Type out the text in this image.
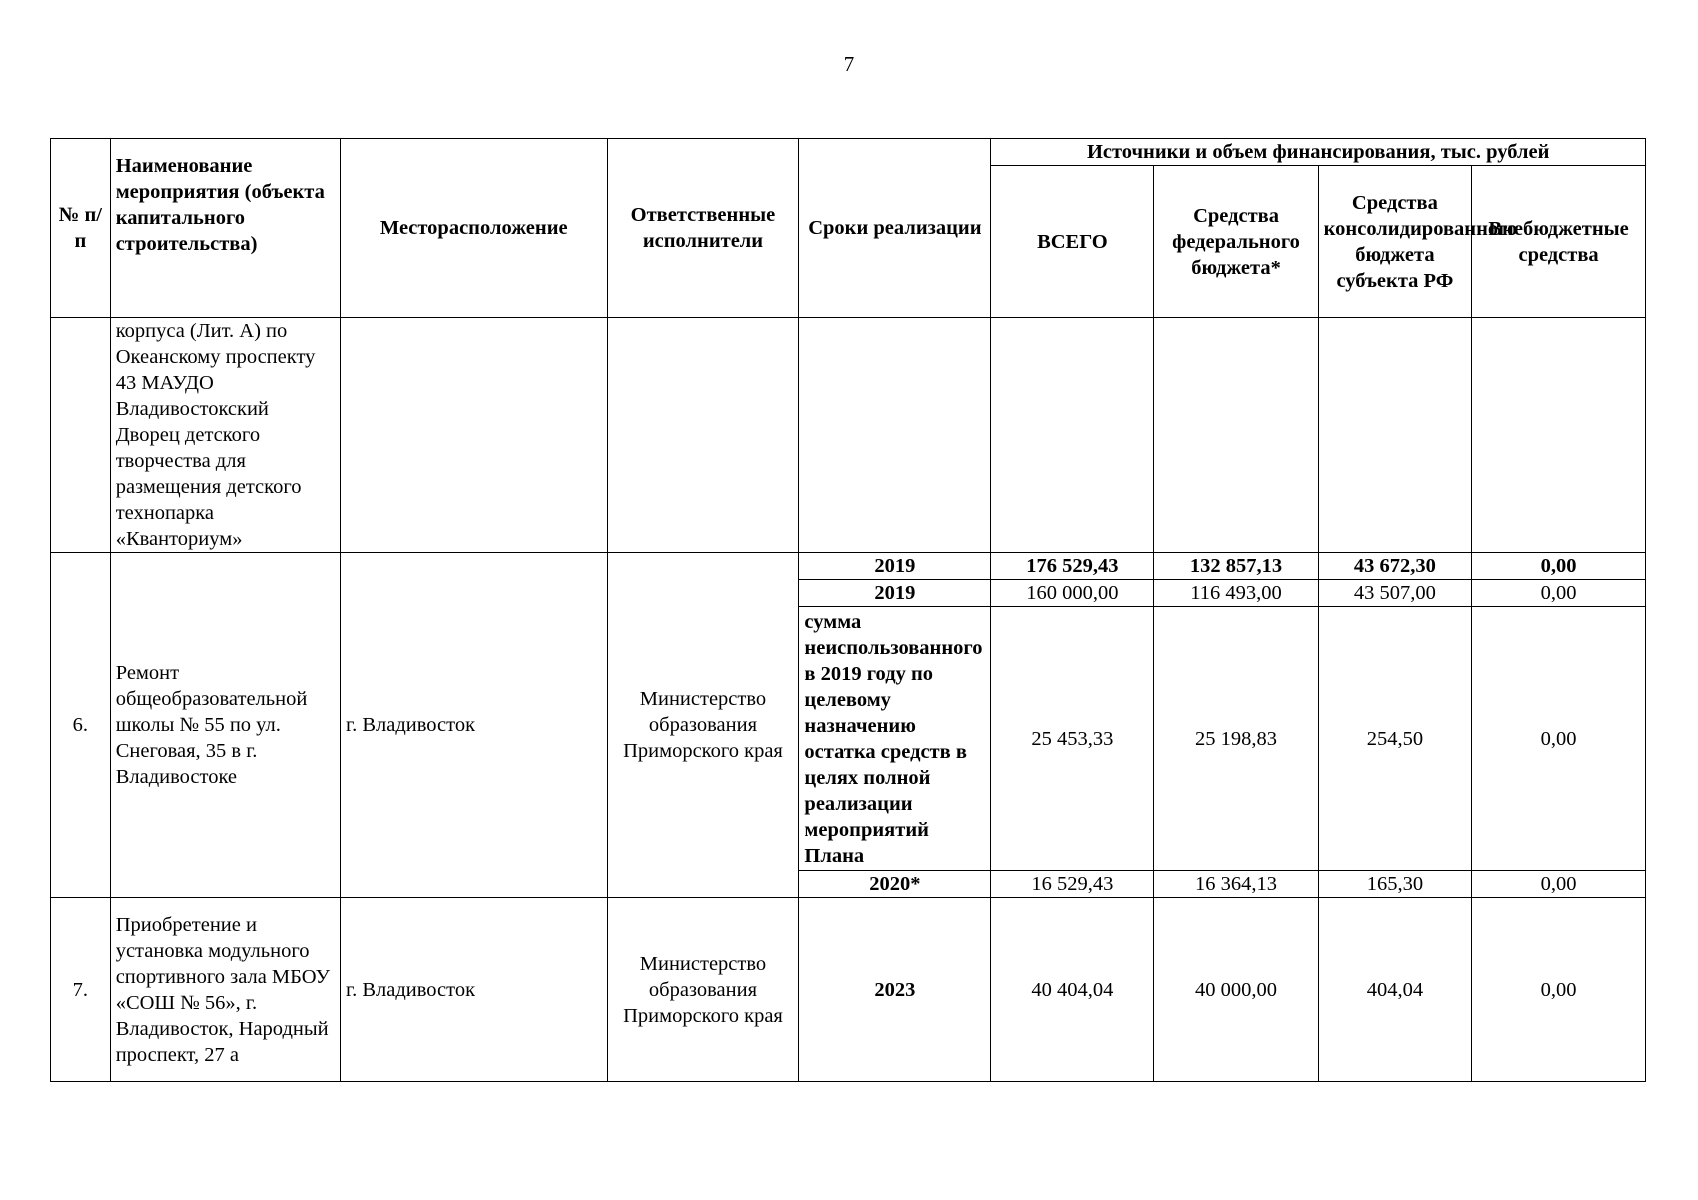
7
№ п/п	Наименование мероприятия (объекта капитального строительства)	Месторасположение	Ответственные исполнители	Сроки реализации	Источники и объем финансирования, тыс. рублей			
					ВСЕГО	Средства федерального бюджета*	Средства консолидированного бюджета субъекта РФ	Внебюджетные средства
	корпуса (Лит. А) по Океанскому проспекту 43 МАУДО Владивостокский Дворец детского творчества для размещения детского технопарка «Кванториум»							
6.	Ремонт общеобразовательной школы № 55 по ул. Снеговая, 35 в г. Владивостоке	г. Владивосток	Министерство образования Приморского края	2019	176 529,43	132 857,13	43 672,30	0,00
				2019	160 000,00	116 493,00	43 507,00	0,00
				сумма неиспользованного в 2019 году по целевому назначению остатка средств в целях полной реализации мероприятий Плана	25 453,33	25 198,83	254,50	0,00
				2020*	16 529,43	16 364,13	165,30	0,00
7.	Приобретение и установка модульного спортивного зала МБОУ «СОШ № 56», г. Владивосток, Народный проспект, 27 а	г. Владивосток	Министерство образования Приморского края	2023	40 404,04	40 000,00	404,04	0,00
